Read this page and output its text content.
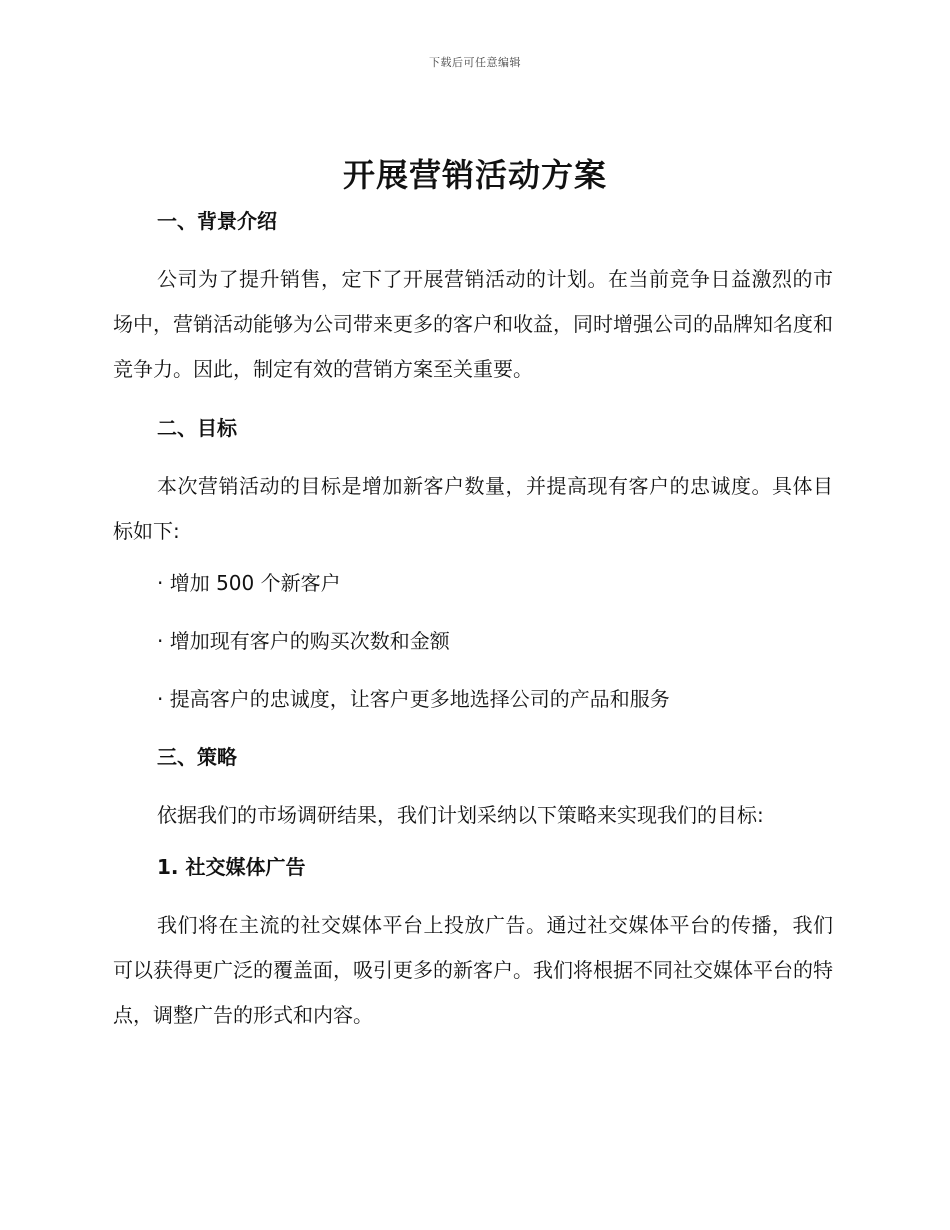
下载后可任意编辑
开展营销活动方案

一、背景介绍

公司为了提升销售，定下了开展营销活动的计划。在当前竞争日益激烈的市场中，营销活动能够为公司带来更多的客户和收益，同时增强公司的品牌知名度和竞争力。因此，制定有效的营销方案至关重要。

二、目标

本次营销活动的目标是增加新客户数量，并提高现有客户的忠诚度。具体目标如下:

· 增加 500 个新客户

· 增加现有客户的购买次数和金额

· 提高客户的忠诚度，让客户更多地选择公司的产品和服务

三、策略

依据我们的市场调研结果，我们计划采纳以下策略来实现我们的目标:

1. 社交媒体广告

我们将在主流的社交媒体平台上投放广告。通过社交媒体平台的传播，我们可以获得更广泛的覆盖面，吸引更多的新客户。我们将根据不同社交媒体平台的特点，调整广告的形式和内容。
